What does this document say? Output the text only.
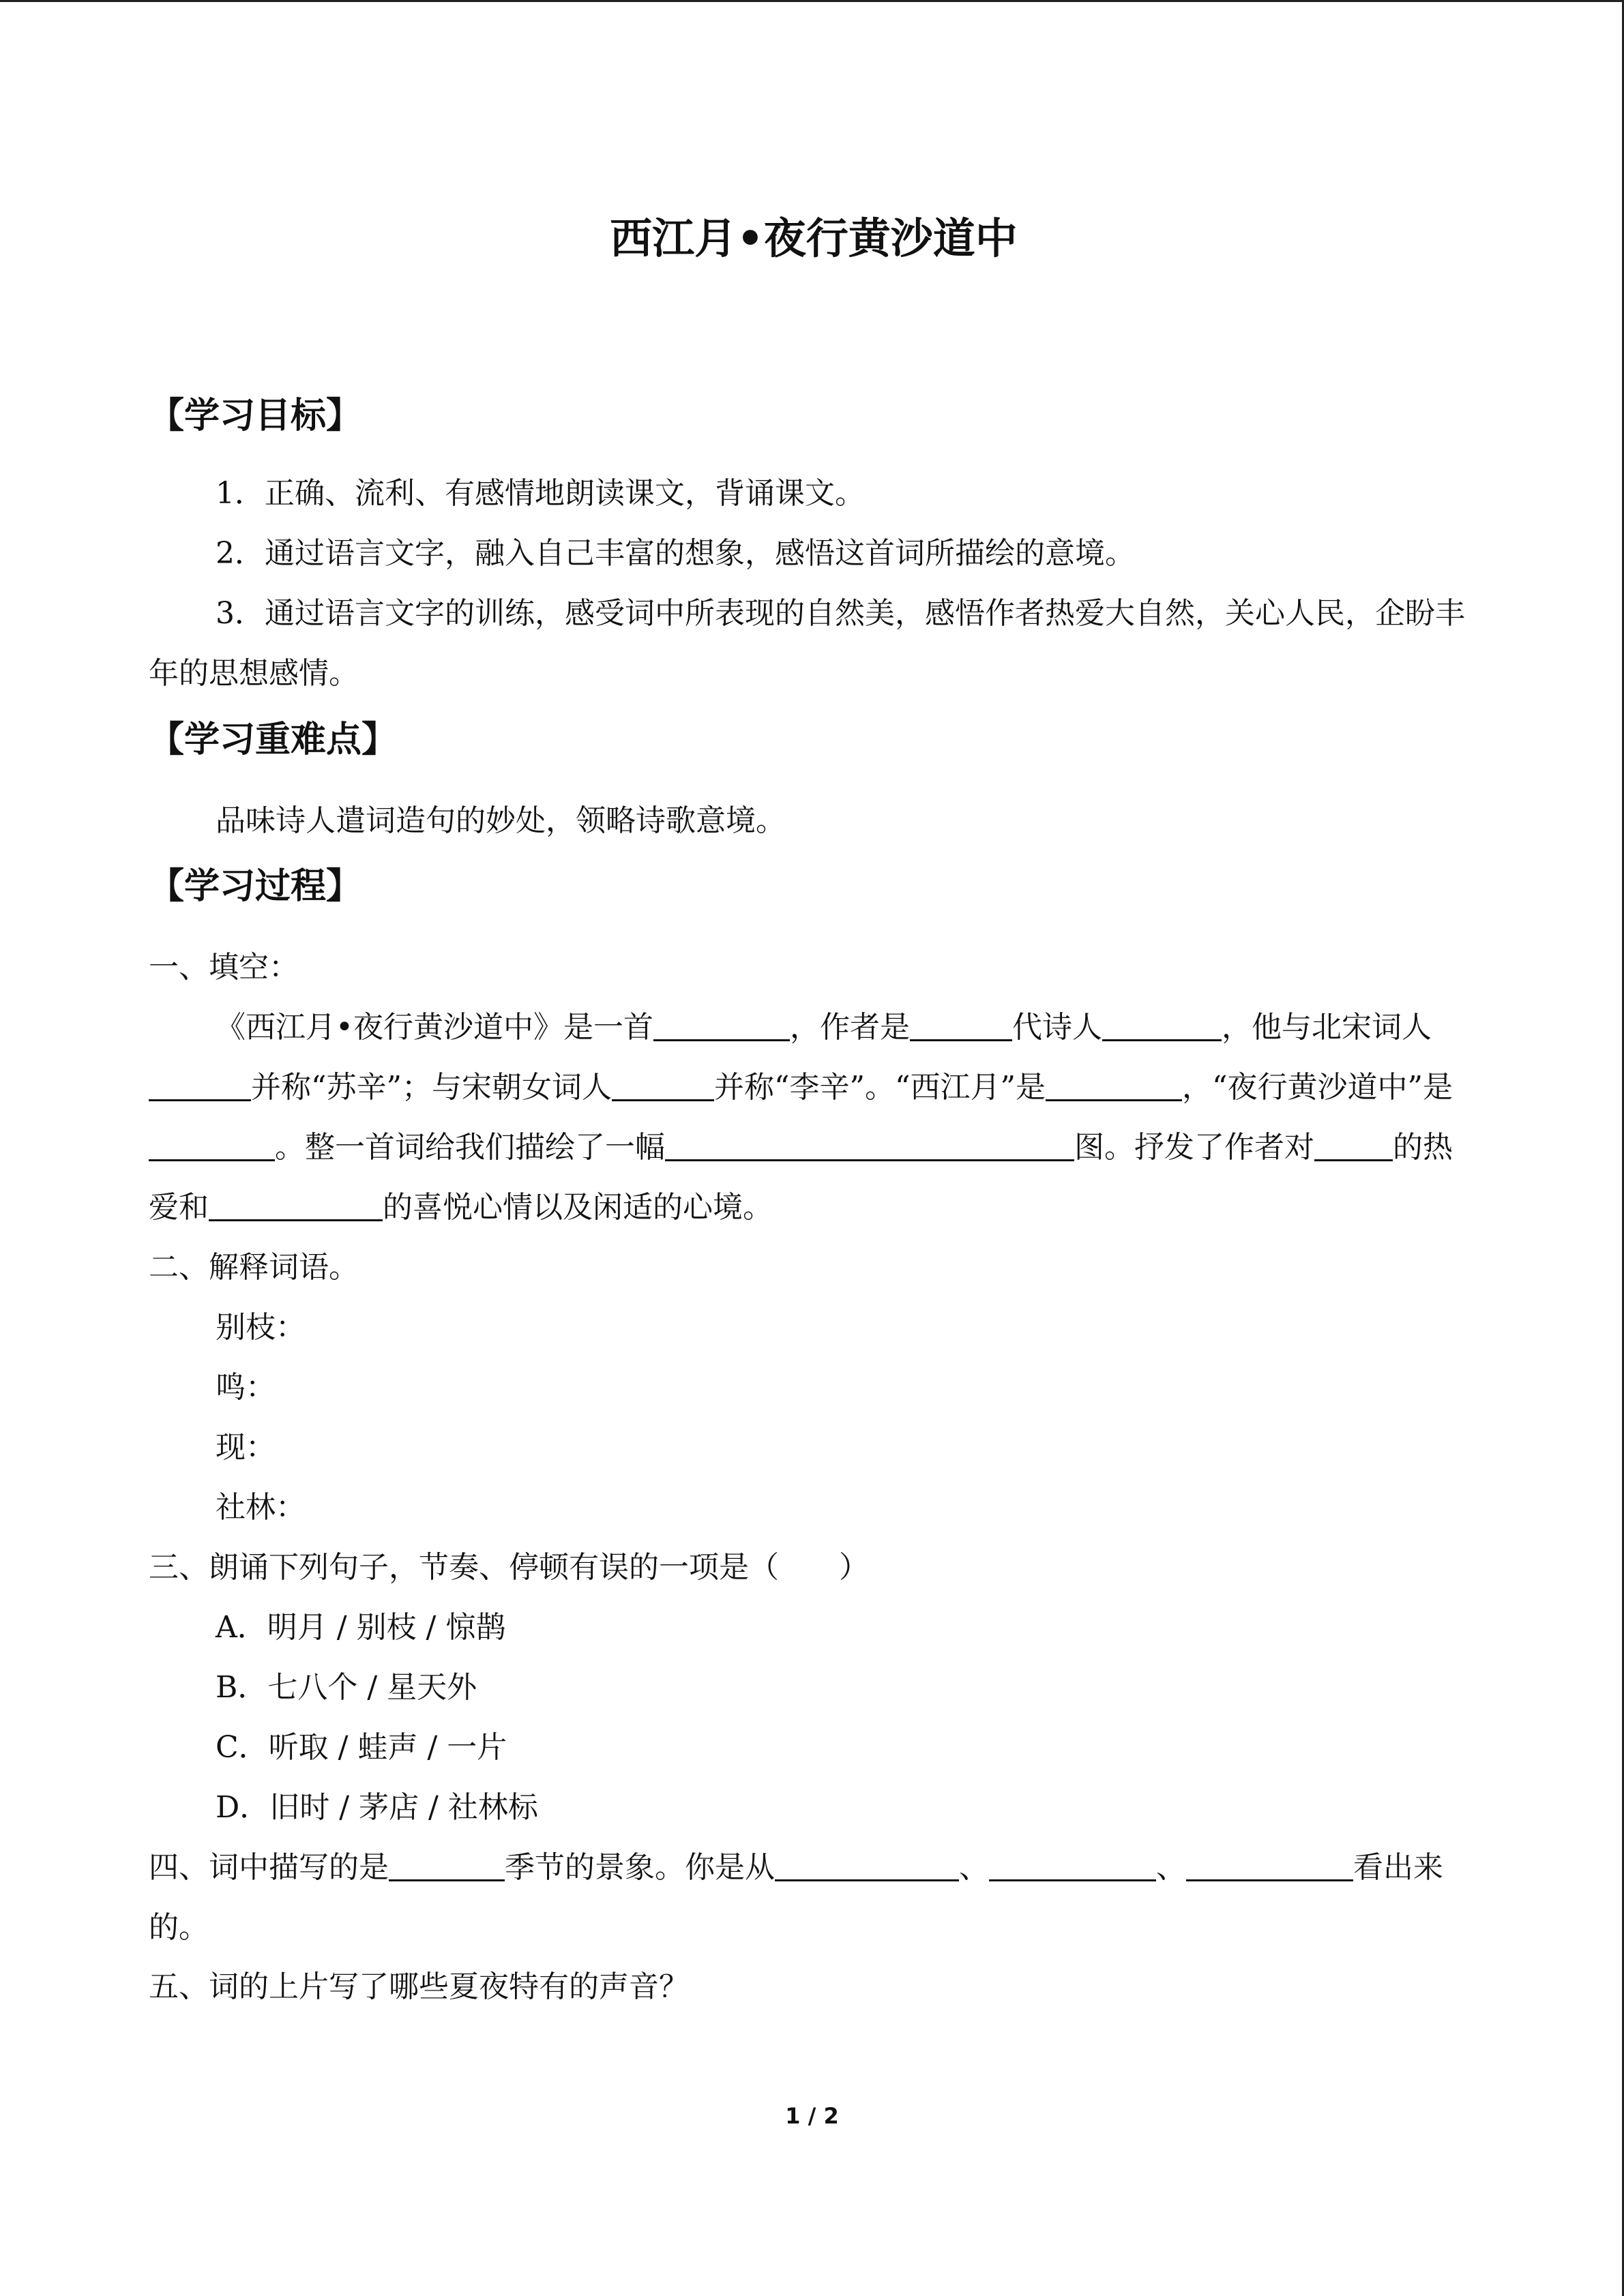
西江月•夜行黄沙道中
【学习目标】
1．正确、流利、有感情地朗读课文，背诵课文。
2．通过语言文字，融入自己丰富的想象，感悟这首词所描绘的意境。
3．通过语言文字的训练，感受词中所表现的自然美，感悟作者热爱大自然，关心人民，企盼丰年的思想感情。
【学习重难点】
品味诗人遣词造句的妙处，领略诗歌意境。
【学习过程】
一、填空：
《西江月•夜行黄沙道中》是一首	，作者是	代诗人	，他与北宋词人并称“苏辛”；与宋朝女词人	并称“李辛”。“西江月”是	，“夜行黄沙道中”是。整一首词给我们描绘了一幅	图。抒发了作者对	的热爱和	的喜悦心情以及闲适的心境。
二、解释词语。
别枝：
鸣：
现：
社林：
三、朗诵下列句子，节奏、停顿有误的一项是（　　）
A．明月 / 别枝 / 惊鹊
B．七八个 / 星天外
C．听取 / 蛙声 / 一片
D．旧时 / 茅店 / 社林标
四、词中描写的是	季节的景象。你是从	、	、	看出来的。
五、词的上片写了哪些夏夜特有的声音？
1 / 2
